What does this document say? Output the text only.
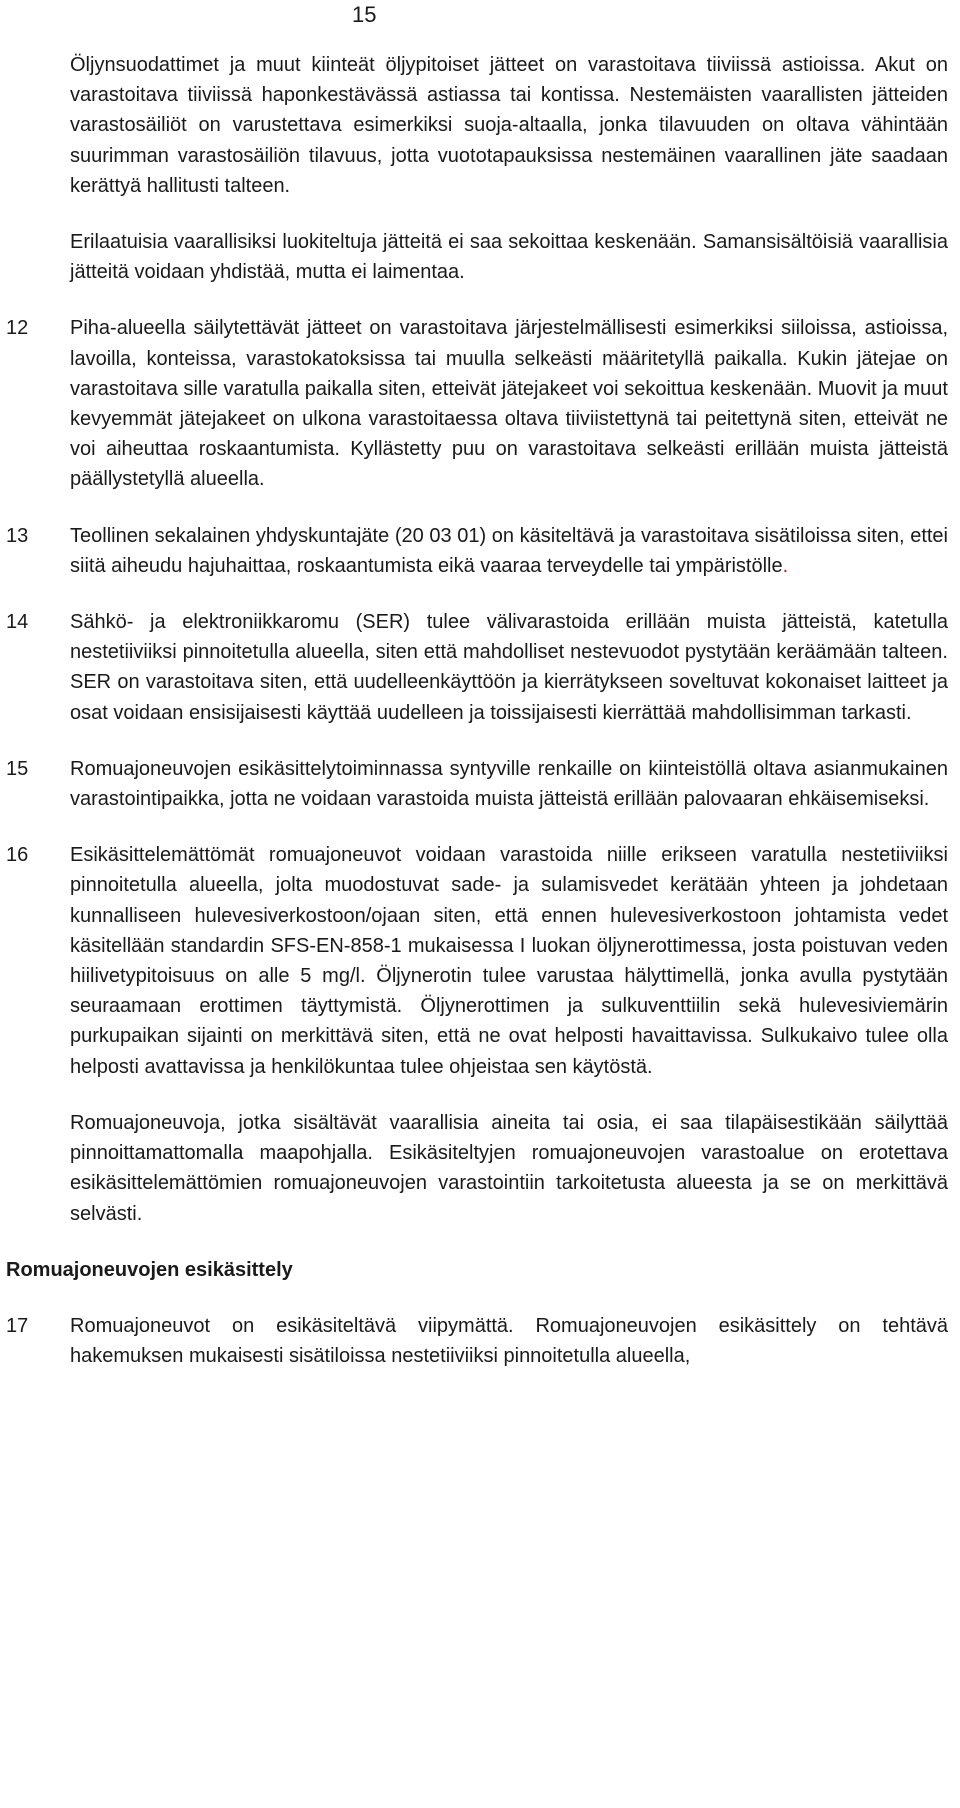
15
Öljynsuodattimet ja muut kiinteät öljypitoiset jätteet on varastoitava tiiviissä astioissa. Akut on varastoitava tiiviissä haponkestävässä astiassa tai kontissa. Nestemäisten vaarallisten jätteiden varastosäiliöt on varustettava esimerkiksi suoja-altaalla, jonka tilavuuden on oltava vähintään suurimman varastosäiliön tilavuus, jotta vuototapauksissa nestemäinen vaarallinen jäte saadaan kerättyä hallitusti talteen.
Erilaatuisia vaarallisiksi luokiteltuja jätteitä ei saa sekoittaa keskenään. Samansisältöisiä vaarallisia jätteitä voidaan yhdistää, mutta ei laimentaa.
12	Piha-alueella säilytettävät jätteet on varastoitava järjestelmällisesti esimerkiksi siiloissa, astioissa, lavoilla, konteissa, varastokatoksissa tai muulla selkeästi määritetyllä paikalla. Kukin jätejae on varastoitava sille varatulla paikalla siten, etteivät jätejakeet voi sekoittua keskenään. Muovit ja muut kevyemmät jätejakeet on ulkona varastoitaessa oltava tiiviistettynä tai peitettynä siten, etteivät ne voi aiheuttaa roskaantumista. Kyllästetty puu on varastoitava selkeästi erillään muista jätteistä päällystetyllä alueella.
13	Teollinen sekalainen yhdyskuntajäte (20 03 01) on käsiteltävä ja varastoitava sisätiloissa siten, ettei siitä aiheudu hajuhaittaa, roskaantumista eikä vaaraa terveydelle tai ympäristölle.
14	Sähkö- ja elektroniikkaromu (SER) tulee välivarastoida erillään muista jättеistä, katetulla nestetiiviiksi pinnoitetulla alueella, siten että mahdolliset nestevuodot pystytään keräämään talteen. SER on varastoitava siten, että uudelleenkäyttöön ja kierrätykseen soveltuvat kokonaiset laitteet ja osat voidaan ensisijaisesti käyttää uudelleen ja toissijaisesti kierrättää mahdollisimman tarkasti.
15	Romuajoneuvojen esikäsittelytoiminnassa syntyville renkaille on kiinteistöllä oltava asianmukainen varastointipaikka, jotta ne voidaan varastoida muista jätteistä erillään palovaaran ehkäisemiseksi.
16	Esikäsittelemättömät romuajoneuvot voidaan varastoida niille erikseen varatulla nestetiiviiksi pinnoitetulla alueella, jolta muodostuvat sade- ja sulamisvedet kerätään yhteen ja johdetaan kunnalliseen hulevesiverkostoon/ojaan siten, että ennen hulevesiverkostoon johtamista vedet käsitellään standardin SFS-EN-858-1 mukaisessa I luokan öljynerottimessa, josta poistuvan veden hiilivetypitoisuus on alle 5 mg/l. Öljynerotin tulee varustaa hälyttimellä, jonka avulla pystytään seuraamaan erottimen täyttymistä. Öljynerottimen ja sulkuventtiilin sekä hulevesiviemärin purkupaikan sijainti on merkittävä siten, että ne ovat helposti havaittavissa. Sulkukaivo tulee olla helposti avattavissa ja henkilökuntaa tulee ohjeistaa sen käytöstä.
Romuajoneuvoja, jotka sisältävät vaarallisia aineita tai osia, ei saa tilapäisestikään säilyttää pinnoittamattomalla maapohjalla. Esikäsiteltyjen romuajoneuvojen varastoalue on erotettava esikäsittelemättömien romuajoneuvojen varastointiin tarkoitetusta alueesta ja se on merkittävä selvästi.
Romuajoneuvojen esikäsittely
17	Romuajoneuvot on esikäsiteltävä viipymättä. Romuajoneuvojen esikäsittely on tehtävä hakemuksen mukaisesti sisätiloissa nestetiiviiksi pinnoitetulla alueella,
